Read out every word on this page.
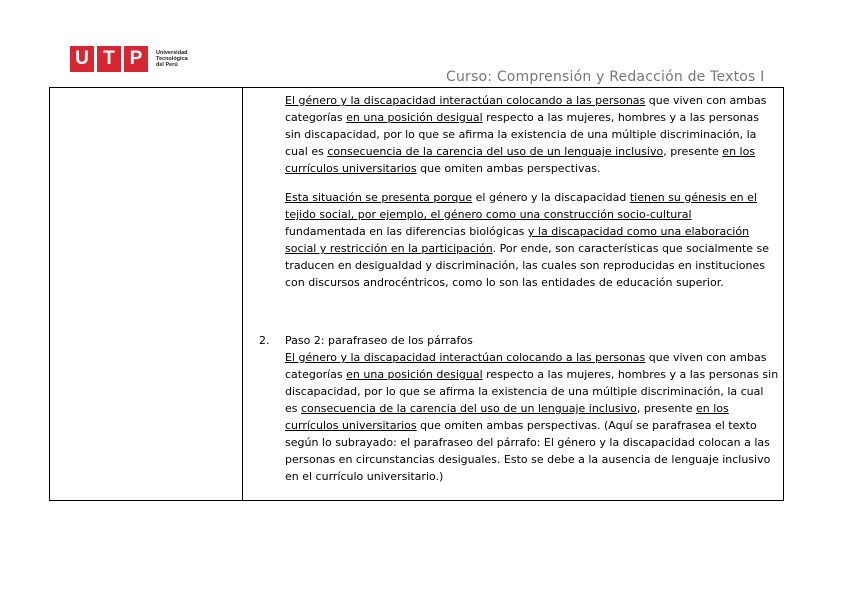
U T P	Universidad
Tecnológica
del Perú
Curso: Comprensión y Redacción de Textos I

El género y la discapacidad interactúan colocando a las personas que viven con ambas categorías en una posición desigual respecto a las mujeres, hombres y a las personas sin discapacidad, por lo que se afirma la existencia de una múltiple discriminación, la cual es consecuencia de la carencia del uso de un lenguaje inclusivo, presente en los currículos universitarios que omiten ambas perspectivas.

Esta situación se presenta porque el género y la discapacidad tienen su génesis en el tejido social, por ejemplo, el género como una construcción socio-cultural fundamentada en las diferencias biológicas y la discapacidad como una elaboración social y restricción en la participación. Por ende, son características que socialmente se traducen en desigualdad y discriminación, las cuales son reproducidas en instituciones con discursos androcéntricos, como lo son las entidades de educación superior.

2. Paso 2: parafraseo de los párrafos
El género y la discapacidad interactúan colocando a las personas que viven con ambas categorías en una posición desigual respecto a las mujeres, hombres y a las personas sin discapacidad, por lo que se afirma la existencia de una múltiple discriminación, la cual es consecuencia de la carencia del uso de un lenguaje inclusivo, presente en los currículos universitarios que omiten ambas perspectivas. (Aquí se parafrasea el texto según lo subrayado: el parafraseo del párrafo: El género y la discapacidad colocan a las personas en circunstancias desiguales. Esto se debe a la ausencia de lenguaje inclusivo en el currículo universitario.)
